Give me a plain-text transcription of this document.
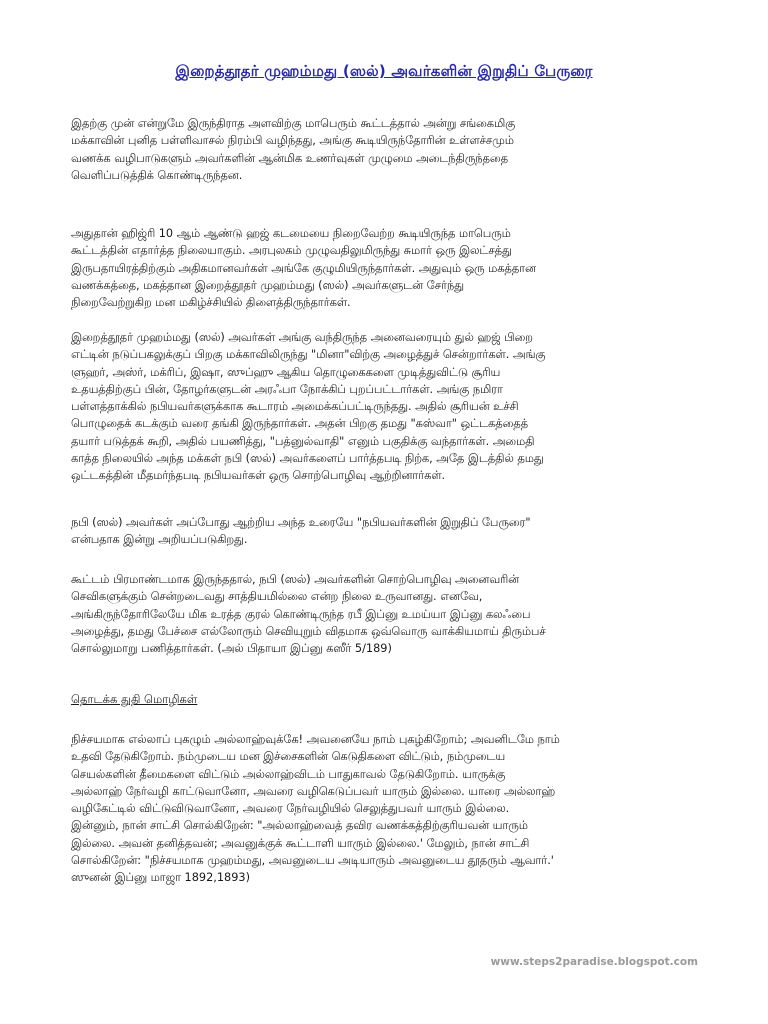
இறைத்தூதர் முஹம்மது (ஸல்) அவர்களின் இறுதிப் பேருரை
இதற்கு முன் என்றுமே இருந்திராத அளவிற்கு மாபெரும் கூட்டத்தால் அன்று சங்கைமிகு
மக்காவின் புனித பள்ளிவாசல் நிரம்பி வழிந்தது, அங்கு கூடியிருந்தோரின் உள்ளச்சமும்
வணக்க வழிபாடுகளும் அவர்களின் ஆன்மிக உணர்வுகள் முழுமை அடைந்திருந்ததை
வெளிப்படுத்திக் கொண்டிருந்தன.
அதுதான் ஹிஜ்ரி 10 ஆம் ஆண்டு ஹஜ் கடமையை நிறைவேற்ற கூடியிருந்த மாபெரும்
கூட்டத்தின் எதார்த்த நிலையாகும். அரபுலகம் முழுவதிலுமிருந்து சுமார் ஒரு இலட்சத்து
இருபதாயிரத்திற்கும் அதிகமானவர்கள் அங்கே குழுமியிருந்தார்கள். அதுவும் ஒரு மகத்தான
வணக்கத்தை, மகத்தான இறைத்தூதர் முஹம்மது (ஸல்) அவர்களுடன் சேர்ந்து
நிறைவேற்றுகிற மன மகிழ்ச்சியில் திளைத்திருந்தார்கள்.
இறைத்தூதர் முஹம்மது (ஸல்) அவர்கள் அங்கு வந்திருந்த அனைவரையும் துல் ஹஜ் பிறை
எட்டின் நடுப்பகலுக்குப் பிறகு மக்காவிலிருந்து "மினா"விற்கு அழைத்துச் சென்றார்கள். அங்கு
ளுஹர், அஸ்ர், மக்ரிப், இஷா, ஸுப்ஹு ஆகிய தொழுகைகளை முடித்துவிட்டு சூரிய
உதயத்திற்குப் பின், தோழர்களுடன் அரஃபா நோக்கிப் புறப்பட்டார்கள். அங்கு நமிரா
பள்ளத்தாக்கில் நபியவர்களுக்காக கூடாரம் அமைக்கப்பட்டிருந்தது. அதில் சூரியன் உச்சி
பொழுதைக் கடக்கும் வரை தங்கி இருந்தார்கள். அதன் பிறகு தமது "கஸ்வா" ஒட்டகத்தைத்
தயார் படுத்தக் கூறி, அதில் பயணித்து, "பத்னுல்வாதி" எனும் பகுதிக்கு வந்தார்கள். அமைதி
காத்த நிலையில் அந்த மக்கள் நபி (ஸல்) அவர்களைப் பார்த்தபடி நிற்க, அதே இடத்தில் தமது
ஒட்டகத்தின் மீதமர்ந்தபடி நபியவர்கள் ஒரு சொற்பொழிவு ஆற்றினார்கள்.
நபி (ஸல்) அவர்கள் அப்போது ஆற்றிய அந்த உரையே "நபியவர்களின் இறுதிப் பேருரை"
என்பதாக இன்று அறியப்படுகிறது.
கூட்டம் பிரமாண்டமாக இருந்ததால், நபி (ஸல்) அவர்களின் சொற்பொழிவு அனைவரின்
செவிகளுக்கும் சென்றடைவது சாத்தியமில்லை என்ற நிலை உருவானது. எனவே,
அங்கிருந்தோரிலேயே மிக உரத்த குரல் கொண்டிருந்த ரபீ இப்னு உமய்யா இப்னு கலஃபை
அழைத்து, தமது பேச்சை எல்லோரும் செவியுறும் விதமாக ஒவ்வொரு வாக்கியமாய் திரும்பச்
சொல்லுமாறு பணித்தார்கள். (அல் பிதாயா இப்னு கஸீர் 5/189)
தொடக்க துதி மொழிகள்
நிச்சயமாக எல்லாப் புகழும் அல்லாஹ்வுக்கே! அவனையே நாம் புகழ்கிறோம்; அவனிடமே நாம்
உதவி தேடுகிறோம். நம்முடைய மன இச்சைகளின் கெடுதிகளை விட்டும், நம்முடைய
செயல்களின் தீமைகளை விட்டும் அல்லாஹ்விடம் பாதுகாவல் தேடுகிறோம். யாருக்கு
அல்லாஹ் நேர்வழி காட்டுவானோ, அவரை வழிகெடுப்பவர் யாரும் இல்லை. யாரை அல்லாஹ்
வழிகேட்டில் விட்டுவிடுவானோ, அவரை நேர்வழியில் செலுத்துபவர் யாரும் இல்லை.
இன்னும், நான் சாட்சி சொல்கிறேன்: "அல்லாஹ்வைத் தவிர வணக்கத்திற்குரியவன் யாரும்
இல்லை. அவன் தனித்தவன்; அவனுக்குக் கூட்டாளி யாரும் இல்லை.' மேலும், நான் சாட்சி
சொல்கிறேன்: "நிச்சயமாக முஹம்மது, அவனுடைய அடியாரும் அவனுடைய தூதரும் ஆவார்.'
ஸுனன் இப்னு மாஜா 1892,1893)
www.steps2paradise.blogspot.com
